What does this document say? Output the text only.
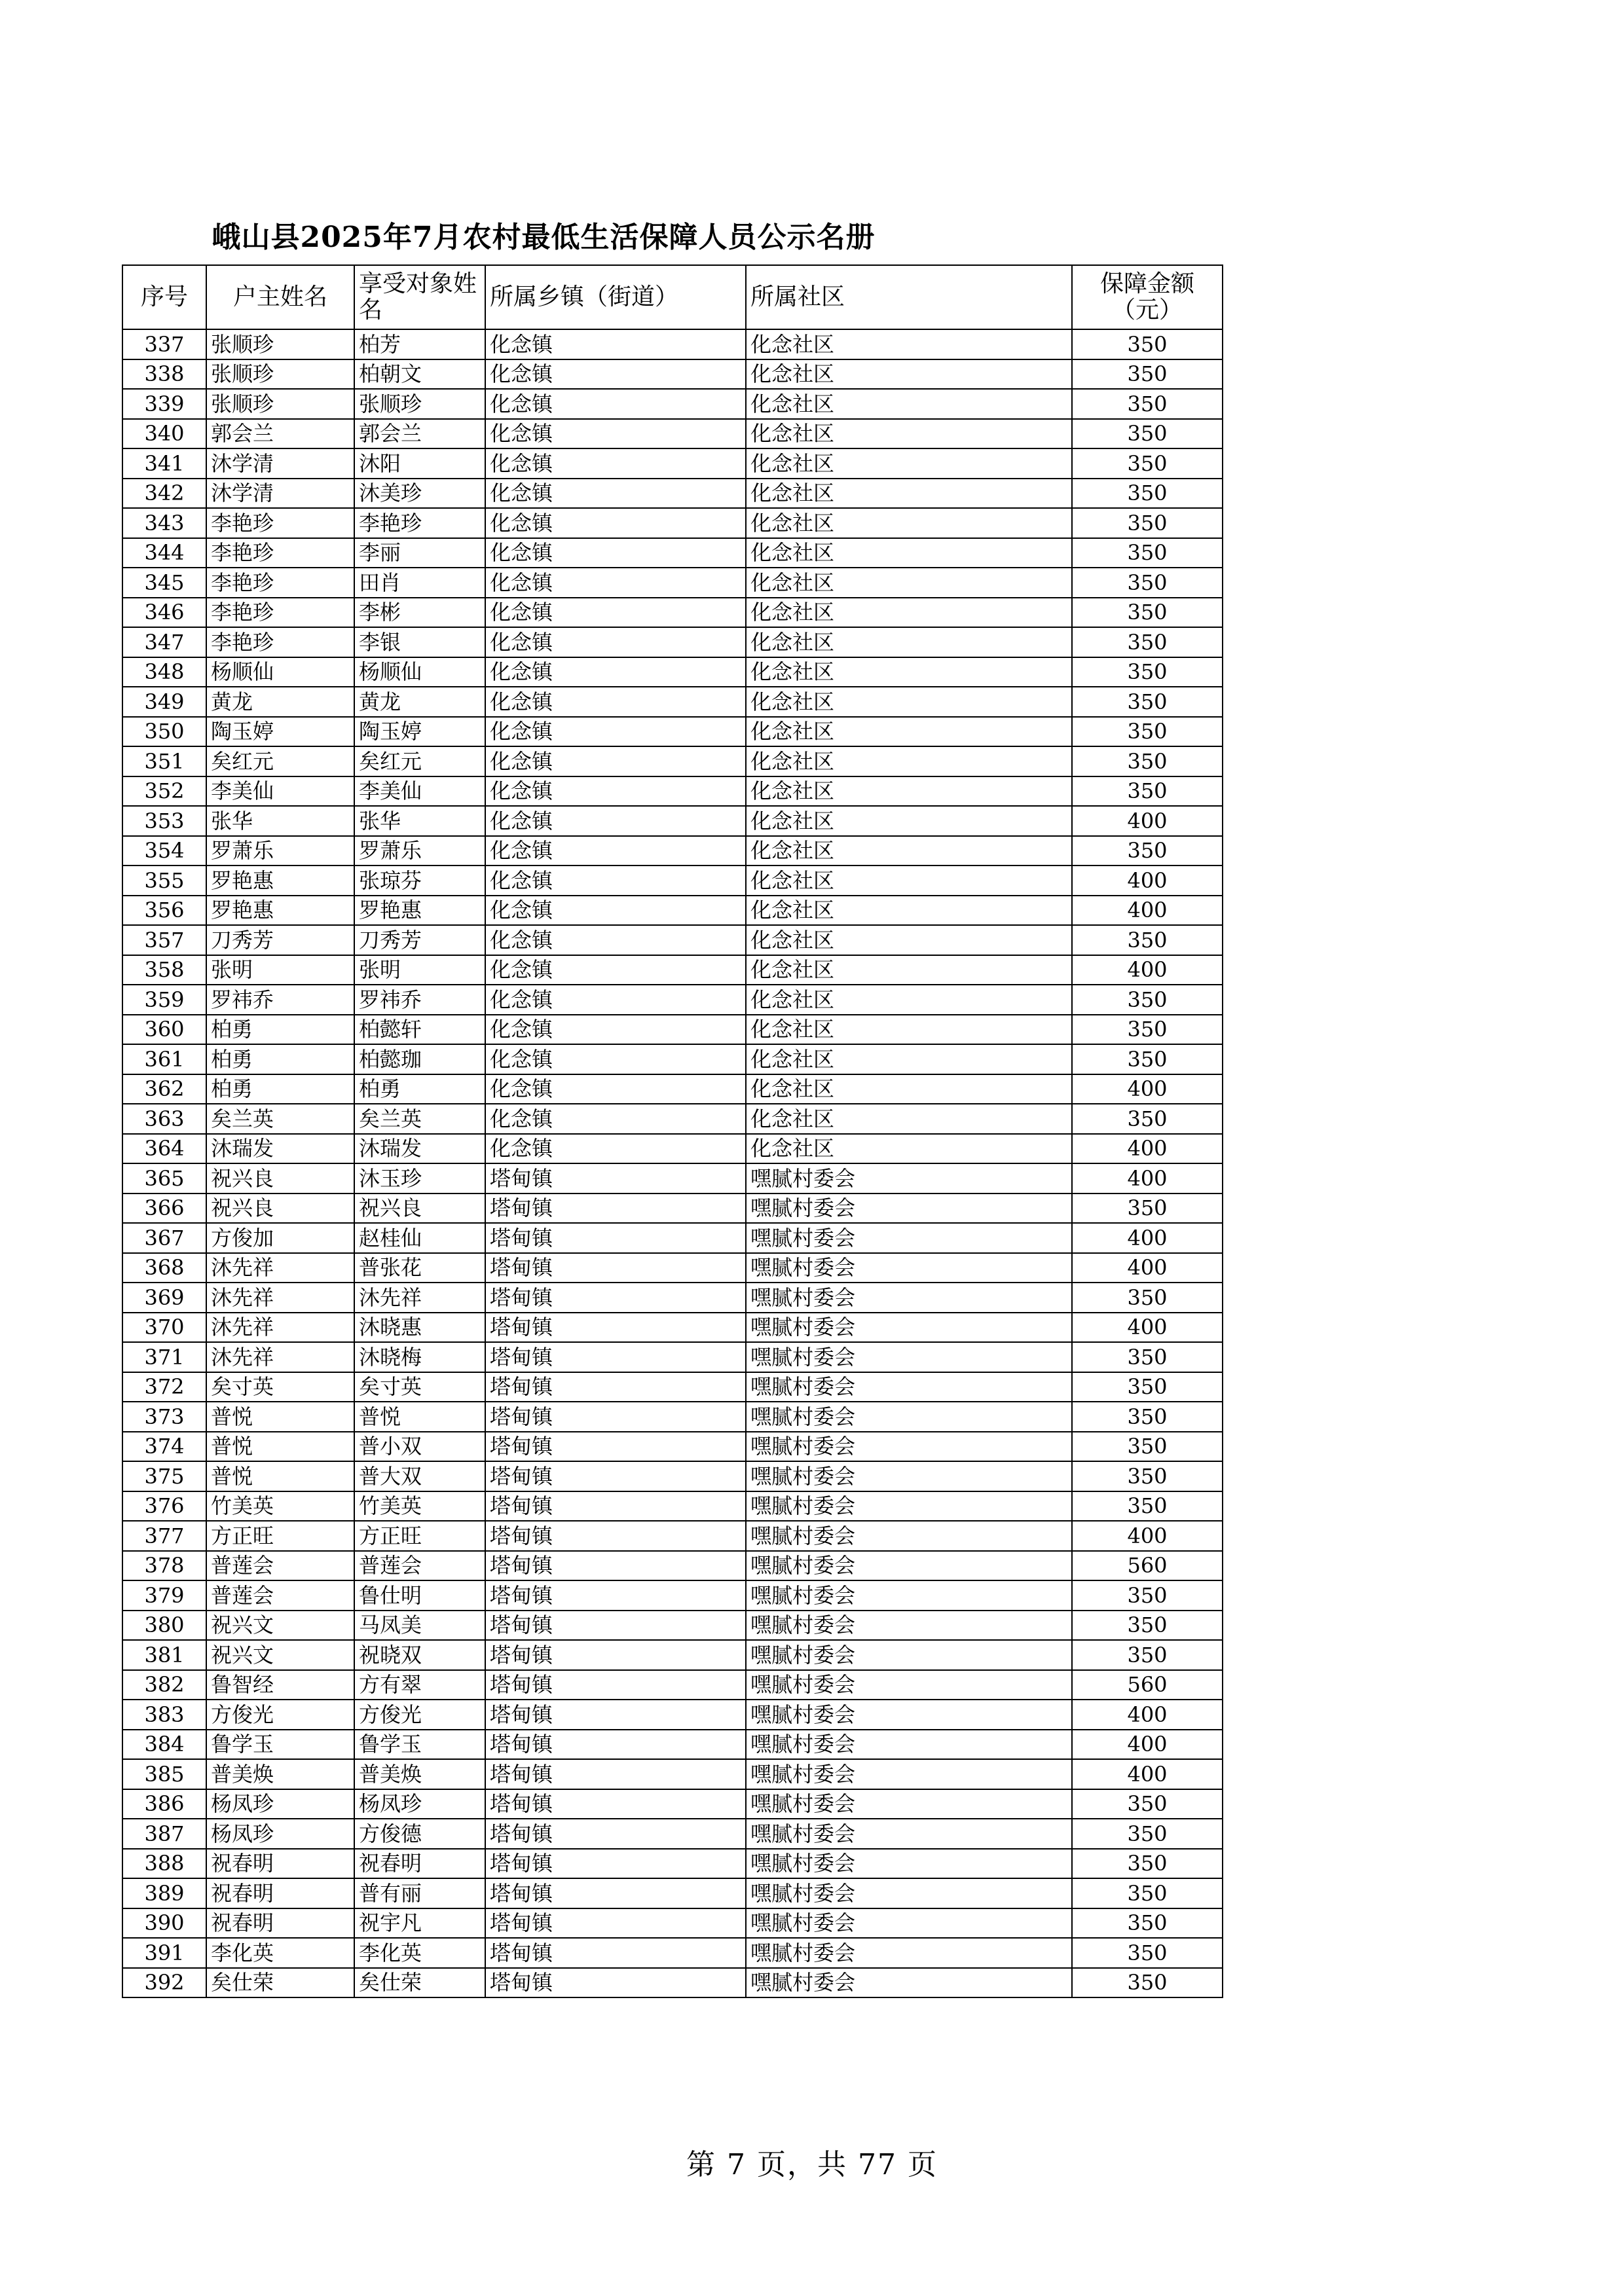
峨山县2025年7月农村最低生活保障人员公示名册
序号	户主姓名	享受对象姓名	所属乡镇（街道）	所属社区	保障金额（元）
337	张顺珍	柏芳	化念镇	化念社区	350
338	张顺珍	柏朝文	化念镇	化念社区	350
339	张顺珍	张顺珍	化念镇	化念社区	350
340	郭会兰	郭会兰	化念镇	化念社区	350
341	沐学清	沐阳	化念镇	化念社区	350
342	沐学清	沐美珍	化念镇	化念社区	350
343	李艳珍	李艳珍	化念镇	化念社区	350
344	李艳珍	李丽	化念镇	化念社区	350
345	李艳珍	田肖	化念镇	化念社区	350
346	李艳珍	李彬	化念镇	化念社区	350
347	李艳珍	李银	化念镇	化念社区	350
348	杨顺仙	杨顺仙	化念镇	化念社区	350
349	黄龙	黄龙	化念镇	化念社区	350
350	陶玉婷	陶玉婷	化念镇	化念社区	350
351	矣红元	矣红元	化念镇	化念社区	350
352	李美仙	李美仙	化念镇	化念社区	350
353	张华	张华	化念镇	化念社区	400
354	罗萧乐	罗萧乐	化念镇	化念社区	350
355	罗艳惠	张琼芬	化念镇	化念社区	400
356	罗艳惠	罗艳惠	化念镇	化念社区	400
357	刀秀芳	刀秀芳	化念镇	化念社区	350
358	张明	张明	化念镇	化念社区	400
359	罗祎乔	罗祎乔	化念镇	化念社区	350
360	柏勇	柏懿轩	化念镇	化念社区	350
361	柏勇	柏懿珈	化念镇	化念社区	350
362	柏勇	柏勇	化念镇	化念社区	400
363	矣兰英	矣兰英	化念镇	化念社区	350
364	沐瑞发	沐瑞发	化念镇	化念社区	400
365	祝兴良	沐玉珍	塔甸镇	嘿腻村委会	400
366	祝兴良	祝兴良	塔甸镇	嘿腻村委会	350
367	方俊加	赵桂仙	塔甸镇	嘿腻村委会	400
368	沐先祥	普张花	塔甸镇	嘿腻村委会	400
369	沐先祥	沐先祥	塔甸镇	嘿腻村委会	350
370	沐先祥	沐晓惠	塔甸镇	嘿腻村委会	400
371	沐先祥	沐晓梅	塔甸镇	嘿腻村委会	350
372	矣寸英	矣寸英	塔甸镇	嘿腻村委会	350
373	普悦	普悦	塔甸镇	嘿腻村委会	350
374	普悦	普小双	塔甸镇	嘿腻村委会	350
375	普悦	普大双	塔甸镇	嘿腻村委会	350
376	竹美英	竹美英	塔甸镇	嘿腻村委会	350
377	方正旺	方正旺	塔甸镇	嘿腻村委会	400
378	普莲会	普莲会	塔甸镇	嘿腻村委会	560
379	普莲会	鲁仕明	塔甸镇	嘿腻村委会	350
380	祝兴文	马凤美	塔甸镇	嘿腻村委会	350
381	祝兴文	祝晓双	塔甸镇	嘿腻村委会	350
382	鲁智经	方有翠	塔甸镇	嘿腻村委会	560
383	方俊光	方俊光	塔甸镇	嘿腻村委会	400
384	鲁学玉	鲁学玉	塔甸镇	嘿腻村委会	400
385	普美焕	普美焕	塔甸镇	嘿腻村委会	400
386	杨凤珍	杨凤珍	塔甸镇	嘿腻村委会	350
387	杨凤珍	方俊德	塔甸镇	嘿腻村委会	350
388	祝春明	祝春明	塔甸镇	嘿腻村委会	350
389	祝春明	普有丽	塔甸镇	嘿腻村委会	350
390	祝春明	祝宇凡	塔甸镇	嘿腻村委会	350
391	李化英	李化英	塔甸镇	嘿腻村委会	350
392	矣仕荣	矣仕荣	塔甸镇	嘿腻村委会	350
第 7 页，共 77 页
